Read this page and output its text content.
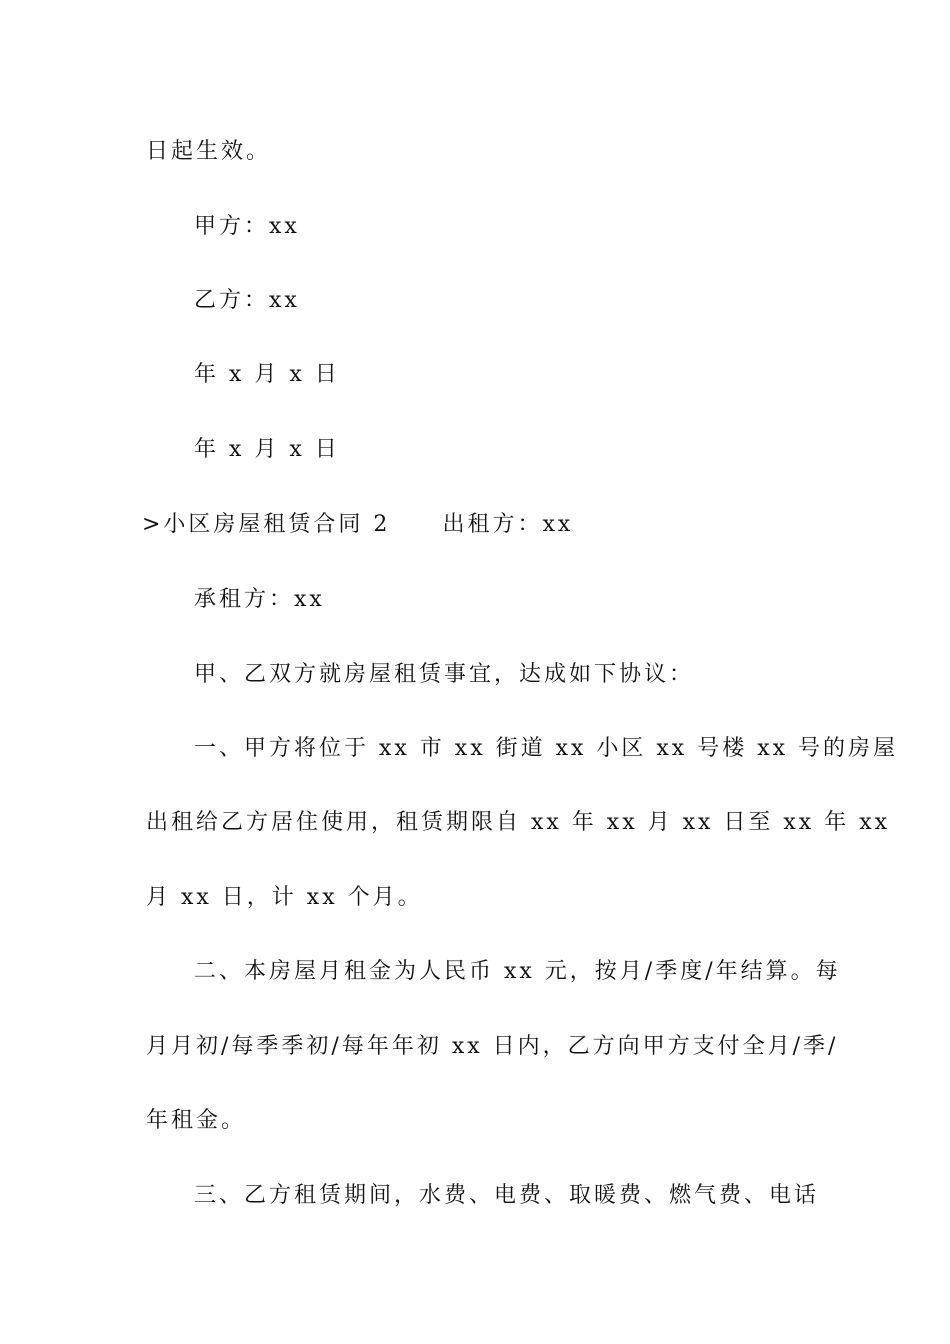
日起生效。
甲方：xx
乙方：xx
年 x 月 x 日
年 x 月 x 日
>小区房屋租赁合同 2 出租方：xx
承租方：xx
甲、乙双方就房屋租赁事宜，达成如下协议：
一、甲方将位于 xx 市 xx 街道 xx 小区 xx 号楼 xx 号的房屋
出租给乙方居住使用，租赁期限自 xx 年 xx 月 xx 日至 xx 年 xx
月 xx 日，计 xx 个月。
二、本房屋月租金为人民币 xx 元，按月/季度/年结算。每
月月初/每季季初/每年年初 xx 日内，乙方向甲方支付全月/季/
年租金。
三、乙方租赁期间，水费、电费、取暖费、燃气费、电话
